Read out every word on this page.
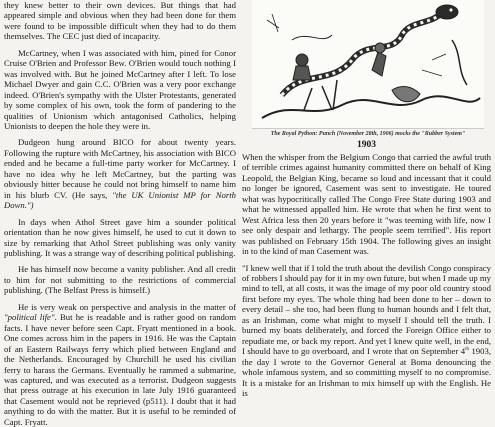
they knew better to their own devices. But things that had appeared simple and obvious when they had been done for them were found to be impossible difficult when they had to do them themselves. The CEC just died of incapacity.

McCartney, when I was associated with him, pined for Conor Cruise O'Brien and Professor Bew. O'Brien would touch nothing I was involved with. But he joined McCartney after I left. To lose Michael Dwyer and gain C.C. O'Brien was a very poor exchange indeed. O'Brien's sympathy with the Ulster Protestants, generated by some complex of his own, took the form of pandering to the qualities of Unionism which antagonised Catholics, helping Unionists to deepen the hole they were in.

Dudgeon hung around BICO for about twenty years. Following the rupture with McCartney, his association with BICO ended and he became a full-time party worker for McCartney. I have no idea why he left McCartney, but the parting was obviously bitter because he could not bring himself to name him in his blurb CV. (He says, "the UK Unionist MP for North Down.")

In days when Athol Street gave him a sounder political orientation than he now gives himself, he used to cut it down to size by remarking that Athol Street publishing was only vanity publishing. It was a strange way of describing political publishing.

He has himself now become a vanity publisher. And all credit to him for not submitting to the restrictions of commercial publishing. (The Belfast Press is himself.)

He is very weak on perspective and analysis in the matter of "political life". But he is readable and is rather good on random facts. I have never before seen Capt. Fryatt mentioned in a book. One comes across him in the papers in 1916. He was the Captain of an Eastern Railways ferry which plied between England and the Netherlands. Encouraged by Churchill he used his civilian ferry to harass the Germans. Eventually he rammed a submarine, was captured, and was executed as a terrorist. Dudgeon suggests that press outrage at his execution in late July 1916 guaranteed that Casement would not be reprieved (p511). I doubt that it had anything to do with the matter. But it is useful to be reminded of Capt. Fryatt.

The Royal Python: Punch (November 28th, 1906) mocks the "Rubber System"
1903

When the whisper from the Belgium Congo that carried the awful truth of terrible crimes against humanity committed there on behalf of King Leopold, the Belgian King, became so loud and incessant that it could no longer be ignored, Casement was sent to investigate. He toured what was hypocritically called The Congo Free State during 1903 and what he witnessed appalled him. He wrote that when he first went to West Africa less then 20 years before it "was teeming with life, now I see only despair and lethargy. The people seem terrified". His report was published on February 15th 1904. The following gives an insight in to the kind of man Casement was.

"I knew well that if I told the truth about the devilish Congo conspiracy of robbers I should pay for it in my own future, but when I made up my mind to tell, at all costs, it was the image of my poor old country stood first before my eyes. The whole thing had been done to her – down to every detail – she too, had been flung to human hounds and I felt that, as an Irishman, come what might to myself I should tell the truth. I burned my boats deliberately, and forced the Foreign Office either to repudiate me, or back my report. And yet I knew quite well, in the end, I should have to go overboard, and I wrote that on September 4th 1903, the day I wrote to the Governor General at Boma denouncing the whole infamous system, and so committing myself to no compromise. It is a mistake for an Irishman to mix himself up with the English. He is
